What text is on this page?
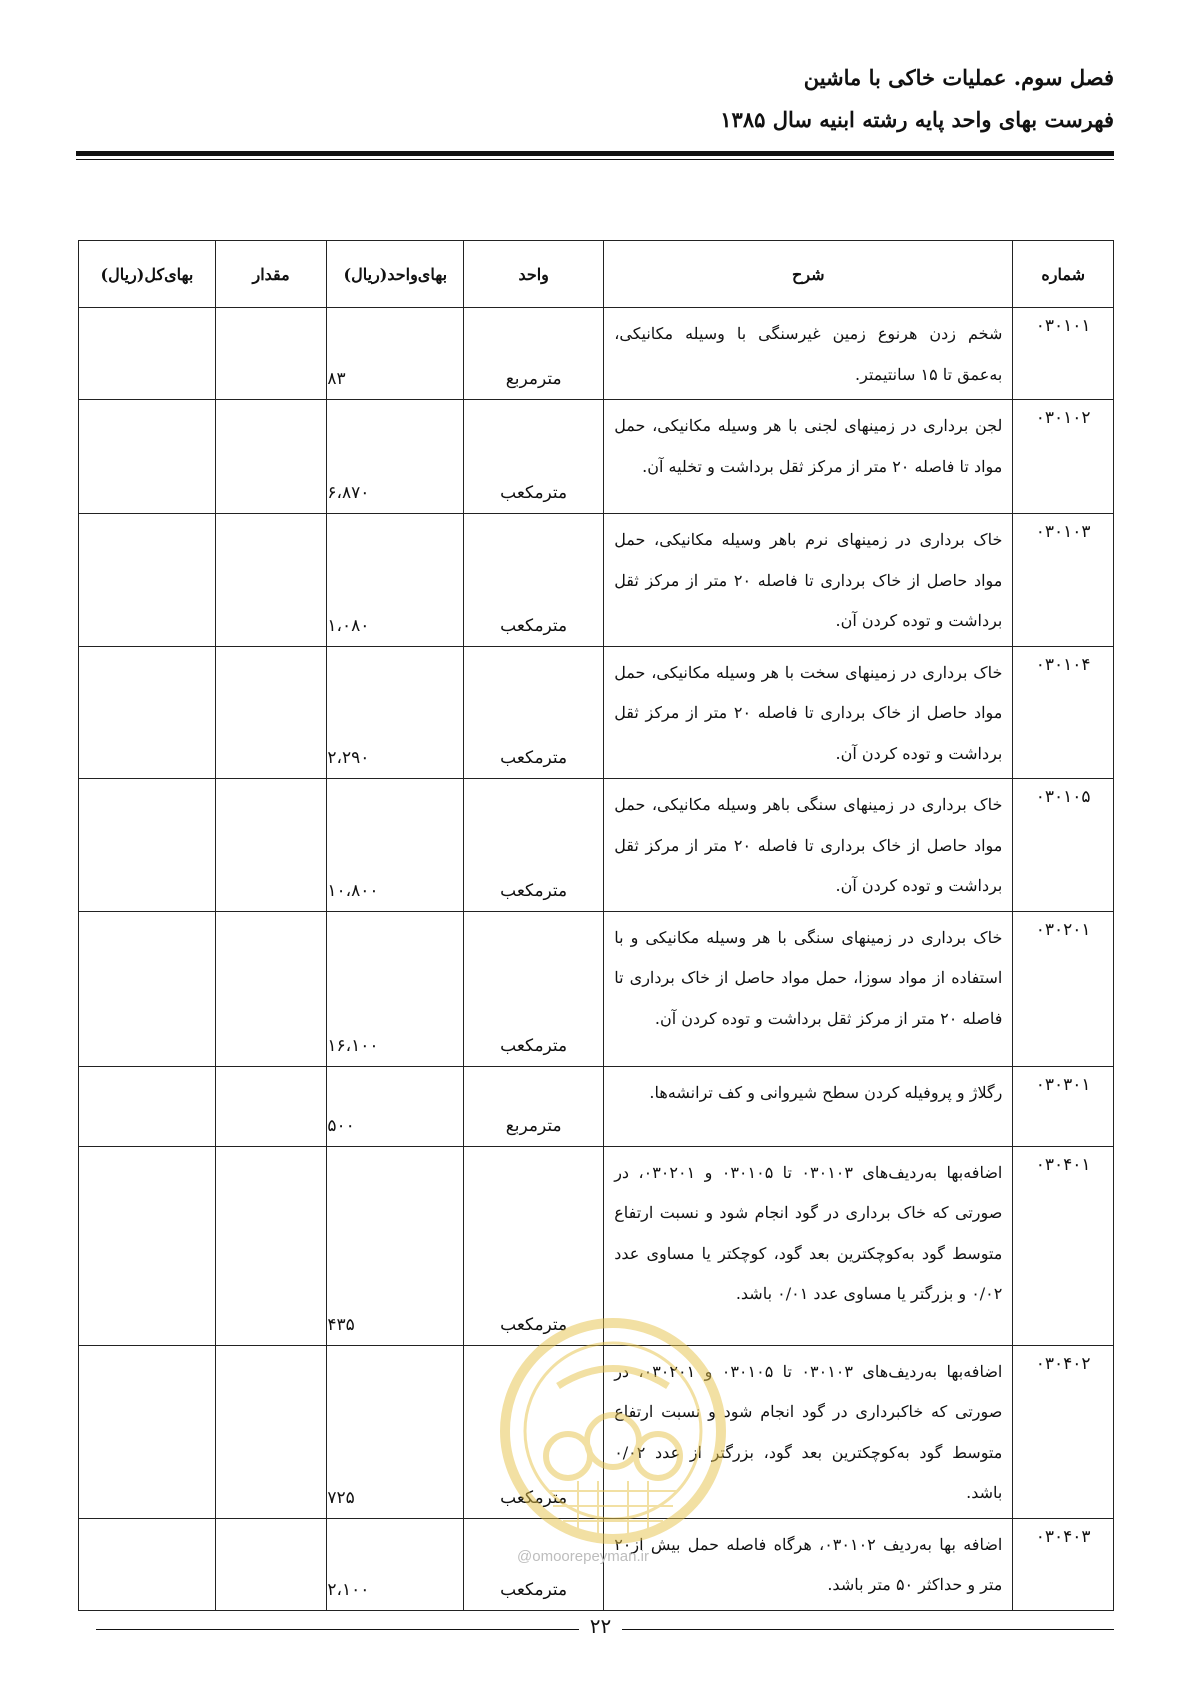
فصل سوم. عملیات خاکی با ماشین
فهرست بهای واحد پایه رشته ابنیه سال ۱۳۸۵
شماره	شرح	واحد	بهای‌واحد(ریال)	مقدار	بهای‌کل(ریال)
۰۳۰۱۰۱	شخم زدن هرنوع زمین غیرسنگی با وسیله مکانیکی، به‌عمق تا ۱۵ سانتیمتر.	مترمربع	۸۳		
۰۳۰۱۰۲	لجن برداری در زمینهای لجنی با هر وسیله مکانیکی، حمل مواد تا فاصله ۲۰ متر از مرکز ثقل برداشت و تخلیه آن.	مترمکعب	۶،۸۷۰		
۰۳۰۱۰۳	خاک برداری در زمینهای نرم باهر وسیله مکانیکی، حمل مواد حاصل از خاک برداری تا فاصله ۲۰ متر از مرکز ثقل برداشت و توده کردن آن.	مترمکعب	۱،۰۸۰		
۰۳۰۱۰۴	خاک برداری در زمینهای سخت با هر وسیله مکانیکی، حمل مواد حاصل از خاک برداری تا فاصله ۲۰ متر از مرکز ثقل برداشت و توده کردن آن.	مترمکعب	۲،۲۹۰		
۰۳۰۱۰۵	خاک برداری در زمینهای سنگی باهر وسیله مکانیکی، حمل مواد حاصل از خاک برداری تا فاصله ۲۰ متر از مرکز ثقل برداشت و توده کردن آن.	مترمکعب	۱۰،۸۰۰		
۰۳۰۲۰۱	خاک برداری در زمینهای سنگی با هر وسیله مکانیکی و با استفاده از مواد سوزا، حمل مواد حاصل از خاک برداری تا فاصله ۲۰ متر از مرکز ثقل برداشت و توده کردن آن.	مترمکعب	۱۶،۱۰۰		
۰۳۰۳۰۱	رگلاژ و پروفیله کردن سطح شیروانی و کف ترانشه‌ها.	مترمربع	۵۰۰		
۰۳۰۴۰۱	اضافه‌بها به‌ردیف‌های ۰۳۰۱۰۳ تا ۰۳۰۱۰۵ و ۰۳۰۲۰۱، در صورتی که خاک برداری در گود انجام شود و نسبت ارتفاع متوسط گود به‌کوچکترین بعد گود، کوچکتر یا مساوی عدد ۰/۰۲ و بزرگتر یا مساوی عدد ۰/۰۱ باشد.	مترمکعب	۴۳۵		
۰۳۰۴۰۲	اضافه‌بها به‌ردیف‌های ۰۳۰۱۰۳ تا ۰۳۰۱۰۵ و ۰۳۰۲۰۱، در صورتی که خاکبرداری در گود انجام شود و نسبت ارتفاع متوسط گود به‌کوچکترین بعد گود، بزرگتر از عدد ۰/۰۲ باشد.	مترمکعب	۷۲۵		
۰۳۰۴۰۳	اضافه بها به‌ردیف ۰۳۰۱۰۲، هرگاه فاصله حمل بیش از۲۰ متر و حداکثر ۵۰ متر باشد.	مترمکعب	۲،۱۰۰		
@omoorepeyman.ir
۲۲
